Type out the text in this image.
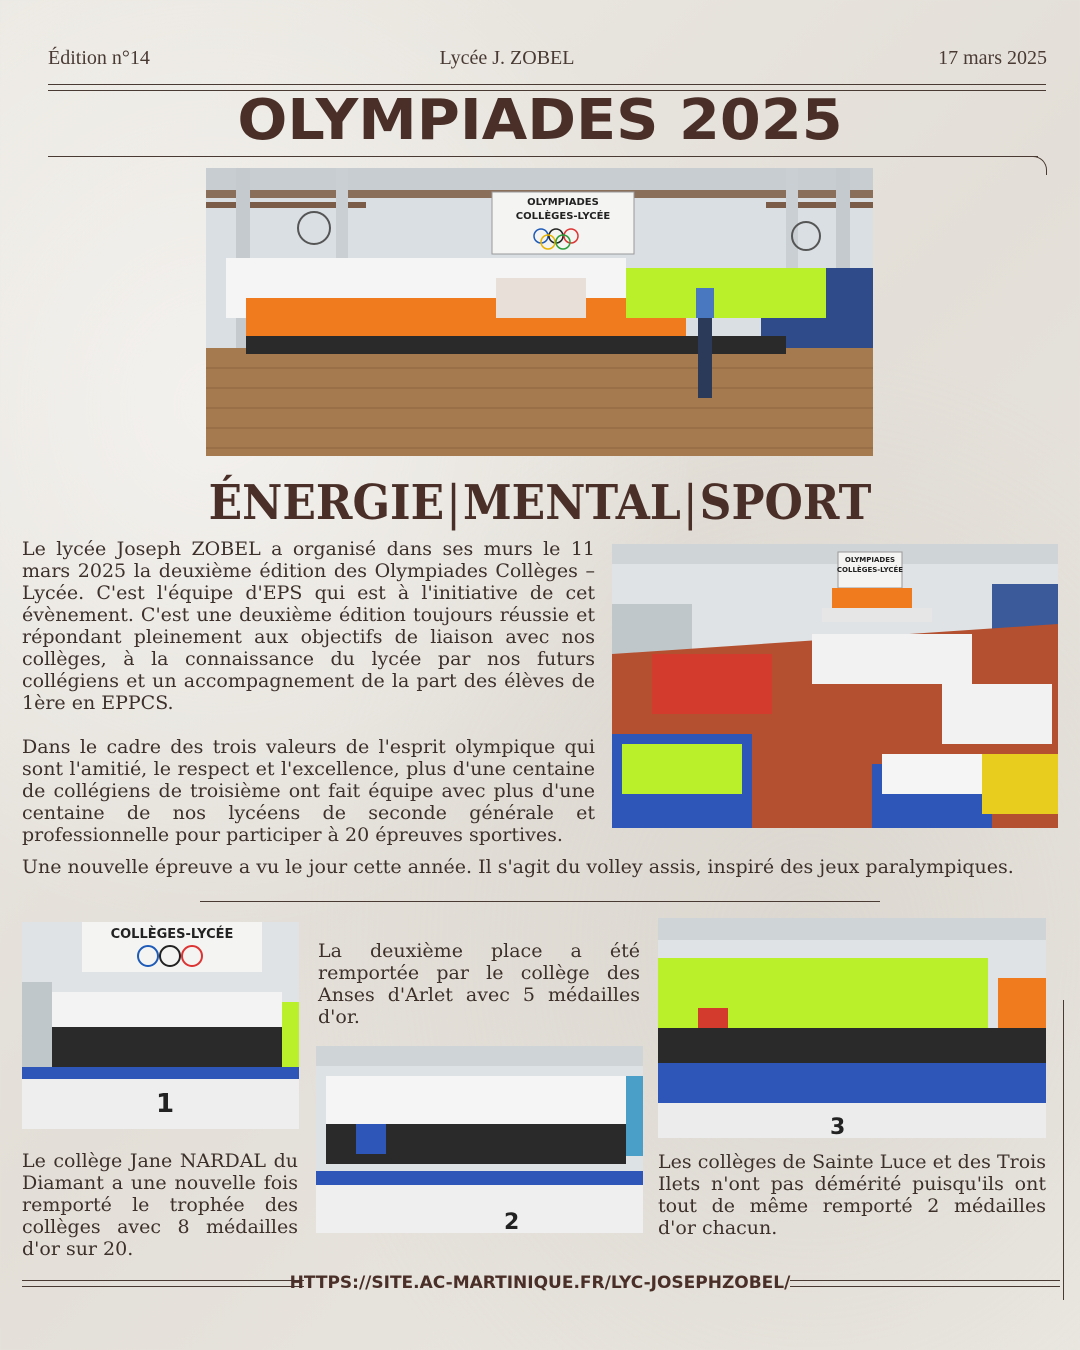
Édition n°14	Lycée J. ZOBEL	17 mars 2025
OLYMPIADES 2025
OLYMPIADES
COLLÈGES-LYCÉE
ÉNERGIE|MENTAL|SPORT

Le lycée Joseph ZOBEL a organisé dans ses murs le 11 mars 2025 la deuxième édition des Olympiades Collèges – Lycée. C'est l'équipe d'EPS qui est à l'initiative de cet évènement. C'est une deuxième édition toujours réussie et répondant pleinement aux objectifs de liaison avec nos collèges, à la connaissance du lycée par nos futurs collégiens et un accompagnement de la part des élèves de 1ère en EPPCS.

Dans le cadre des trois valeurs de l'esprit olympique qui sont l'amitié, le respect et l'excellence, plus d'une centaine de collégiens de troisième ont fait équipe avec plus d'une centaine de nos lycéens de seconde générale et professionnelle pour participer à 20 épreuves sportives.

Une nouvelle épreuve a vu le jour cette année. Il s'agit du volley assis, inspiré des jeux paralympiques.

OLYMPIADES
COLLÈGES-LYCÉE
COLLÈGES-LYCÉE
1

Le collège Jane NARDAL du Diamant a une nouvelle fois remporté le trophée des collèges avec 8 médailles d'or sur 20.

La deuxième place a été remportée par le collège des Anses d'Arlet avec 5 médailles d'or.

2
3

Les collèges de Sainte Luce et des Trois Ilets n'ont pas démérité puisqu'ils ont tout de même remporté 2 médailles d'or chacun.

HTTPS://SITE.AC-MARTINIQUE.FR/LYC-JOSEPHZOBEL/
